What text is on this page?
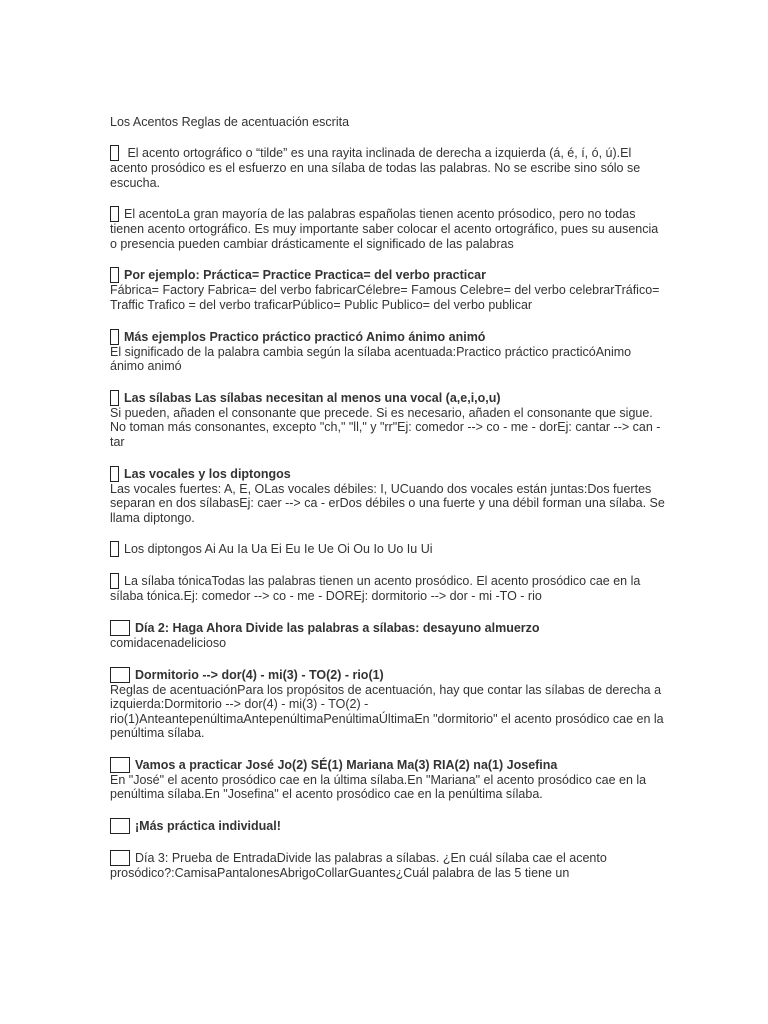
Los Acentos Reglas de acentuación escrita
El acento ortográfico o “tilde” es una rayita inclinada de derecha a izquierda (á, é, í, ó, ú).El acento prosódico es el esfuerzo en una sílaba de todas las palabras. No se escribe sino sólo se escucha.
El acentoLa gran mayoría de las palabras españolas tienen acento prósodico, pero no todas tienen acento ortográfico. Es muy importante saber colocar el acento ortográfico, pues su ausencia o presencia pueden cambiar drásticamente el significado de las palabras
Por ejemplo: Práctica= Practice Practica= del verbo practicar
Fábrica= Factory Fabrica= del verbo fabricarCélebre= Famous Celebre= del verbo celebrarTráfico= Traffic Trafico = del verbo traficarPúblico= Public Publico= del verbo publicar
Más ejemplos Practico práctico practicó Animo ánimo animó
El significado de la palabra cambia según la sílaba acentuada:Practico práctico practicóAnimo ánimo animó
Las sílabas Las sílabas necesitan al menos una vocal (a,e,i,o,u)
Si pueden, añaden el consonante que precede. Si es necesario, añaden el consonante que sigue. No toman más consonantes, excepto "ch," "ll," y "rr"Ej: comedor --> co - me - dorEj: cantar --> can - tar
Las vocales y los diptongos
Las vocales fuertes: A, E, OLas vocales débiles: I, UCuando dos vocales están juntas:Dos fuertes separan en dos sílabasEj: caer --> ca - erDos débiles o una fuerte y una débil forman una sílaba. Se llama diptongo.
Los diptongos Ai Au Ia Ua Ei Eu Ie Ue Oi Ou Io Uo Iu Ui
La sílaba tónicaTodas las palabras tienen un acento prosódico. El acento prosódico cae en la sílaba tónica.Ej: comedor --> co - me - DOREj: dormitorio --> dor - mi -TO - rio
Día 2: Haga Ahora Divide las palabras a sílabas: desayuno almuerzo
comidacenadelicioso
Dormitorio --> dor(4) - mi(3) - TO(2) - rio(1)
Reglas de acentuaciónPara los propósitos de acentuación, hay que contar las sílabas de derecha a izquierda:Dormitorio --> dor(4) - mi(3) - TO(2) - rio(1)AnteantepenúltimaAntepenúltimaPenúltimaÚltimaEn "dormitorio" el acento prosódico cae en la penúltima sílaba.
Vamos a practicar José Jo(2) SÉ(1) Mariana Ma(3) RIA(2) na(1) Josefina
En "José" el acento prosódico cae en la última sílaba.En "Mariana" el acento prosódico cae en la penúltima sílaba.En "Josefina" el acento prosódico cae en la penúltima sílaba.
¡Más práctica individual!
Día 3: Prueba de EntradaDivide las palabras a sílabas. ¿En cuál sílaba cae el acento prosódico?:CamisaPantalonesAbrigoCollarGuantes¿Cuál palabra de las 5 tiene un
